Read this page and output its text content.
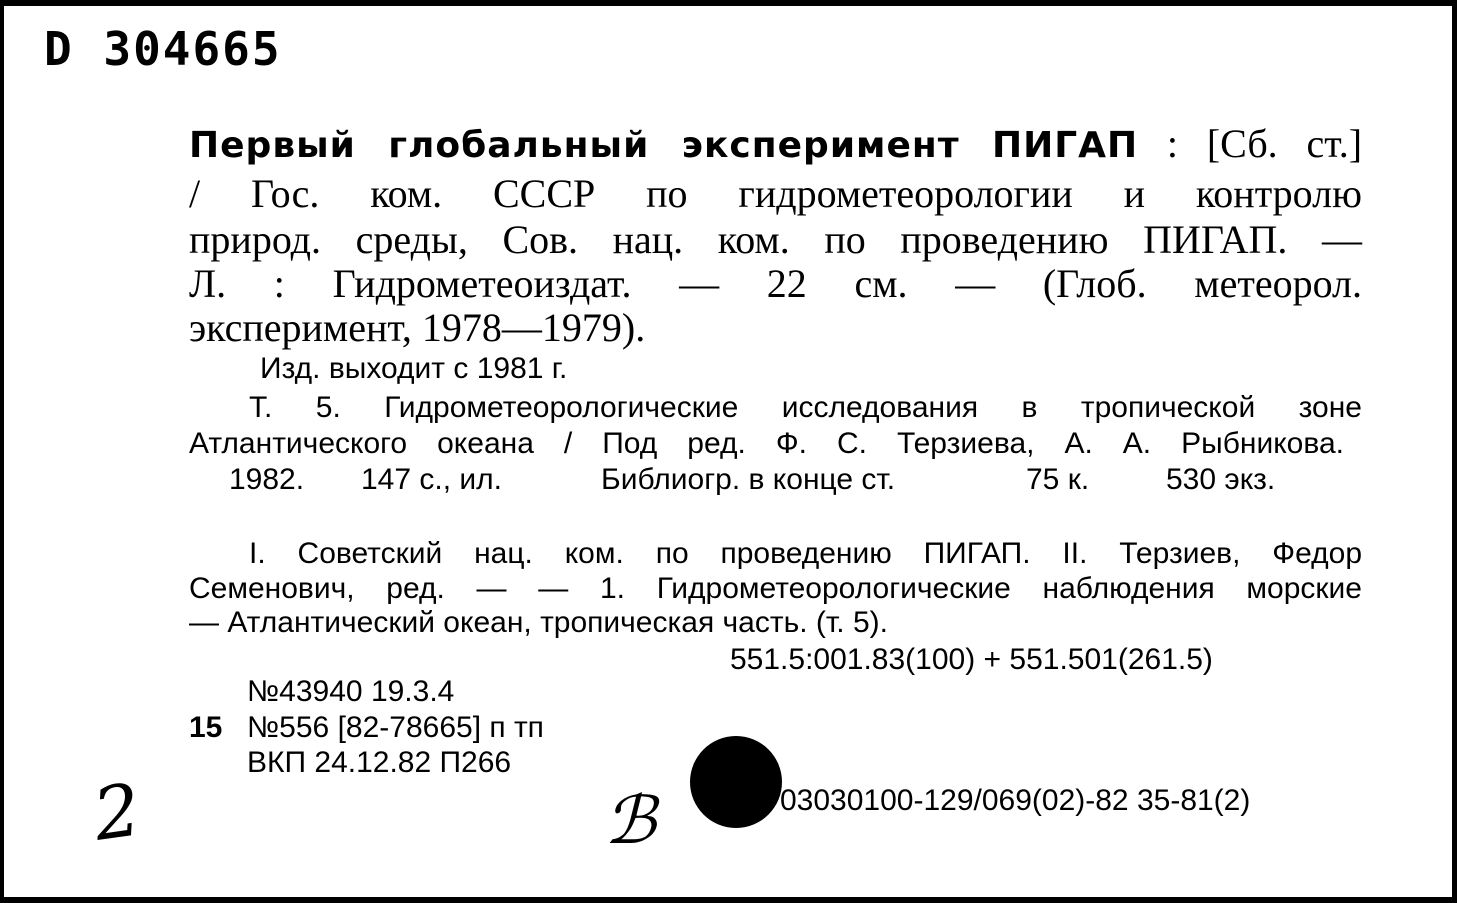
D 304665
Первый глобальный эксперимент ПИГАП : [Сб. ст.]
/ Гос. ком. СССР по гидрометеорологии и контролю
природ. среды, Сов. нац. ком. по проведению ПИГАП. —
Л. : Гидрометеоиздат. — 22 см. — (Глоб. метеорол.
эксперимент, 1978—1979).
Изд. выходит с 1981 г.
Т. 5. Гидрометеорологические исследования в тропической зоне
Атлантического океана / Под ред. Ф. С. Терзиева, А. А. Рыбникова.
1982. 147 с., ил.	Библиогр. в конце ст.	75 к.	530 экз.
I. Советский нац. ком. по проведению ПИГАП. II. Терзиев, Федор
Семенович, ред. — — 1. Гидрометеорологические наблюдения морские
— Атлантический океан, тропическая часть. (т. 5).
551.5:001.83(100) + 551.501(261.5)
№43940 19.3.4
15 №556 [82-78665] п тп
ВКП 24.12.82 П266
03030100-129/069(02)-82 35-81(2)
2	ℬ
